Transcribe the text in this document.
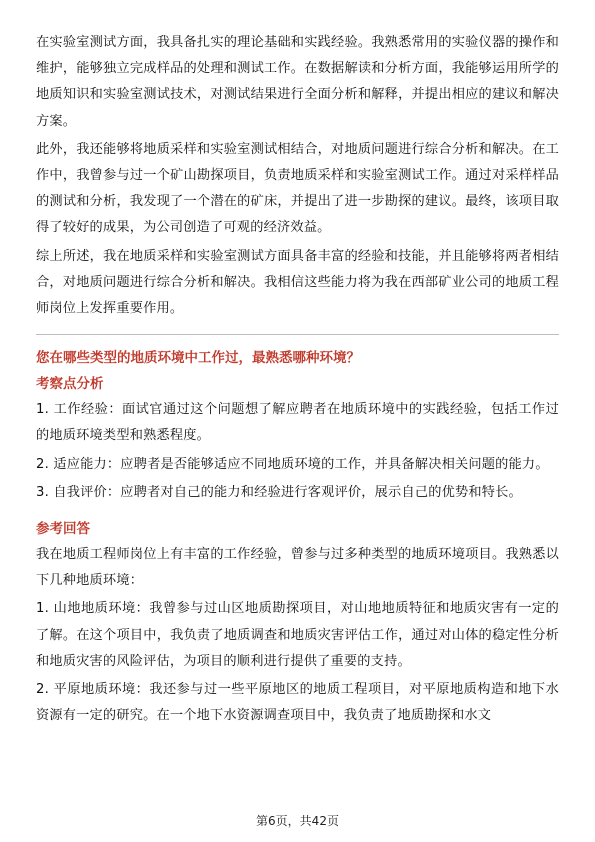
在实验室测试方面，我具备扎实的理论基础和实践经验。我熟悉常用的实验仪器的操作和维护，能够独立完成样品的处理和测试工作。在数据解读和分析方面，我能够运用所学的地质知识和实验室测试技术，对测试结果进行全面分析和解释，并提出相应的建议和解决方案。

此外，我还能够将地质采样和实验室测试相结合，对地质问题进行综合分析和解决。在工作中，我曾参与过一个矿山勘探项目，负责地质采样和实验室测试工作。通过对采样样品的测试和分析，我发现了一个潜在的矿床，并提出了进一步勘探的建议。最终，该项目取得了较好的成果，为公司创造了可观的经济效益。

综上所述，我在地质采样和实验室测试方面具备丰富的经验和技能，并且能够将两者相结合，对地质问题进行综合分析和解决。我相信这些能力将为我在西部矿业公司的地质工程师岗位上发挥重要作用。

您在哪些类型的地质环境中工作过，最熟悉哪种环境？

考察点分析

1. 工作经验：面试官通过这个问题想了解应聘者在地质环境中的实践经验，包括工作过的地质环境类型和熟悉程度。

2. 适应能力：应聘者是否能够适应不同地质环境的工作，并具备解决相关问题的能力。

3. 自我评价：应聘者对自己的能力和经验进行客观评价，展示自己的优势和特长。

参考回答

我在地质工程师岗位上有丰富的工作经验，曾参与过多种类型的地质环境项目。我熟悉以下几种地质环境：

1. 山地地质环境：我曾参与过山区地质勘探项目，对山地地质特征和地质灾害有一定的了解。在这个项目中，我负责了地质调查和地质灾害评估工作，通过对山体的稳定性分析和地质灾害的风险评估，为项目的顺利进行提供了重要的支持。

2. 平原地质环境：我还参与过一些平原地区的地质工程项目，对平原地质构造和地下水资源有一定的研究。在一个地下水资源调查项目中，我负责了地质勘探和水文

第6页，共42页
